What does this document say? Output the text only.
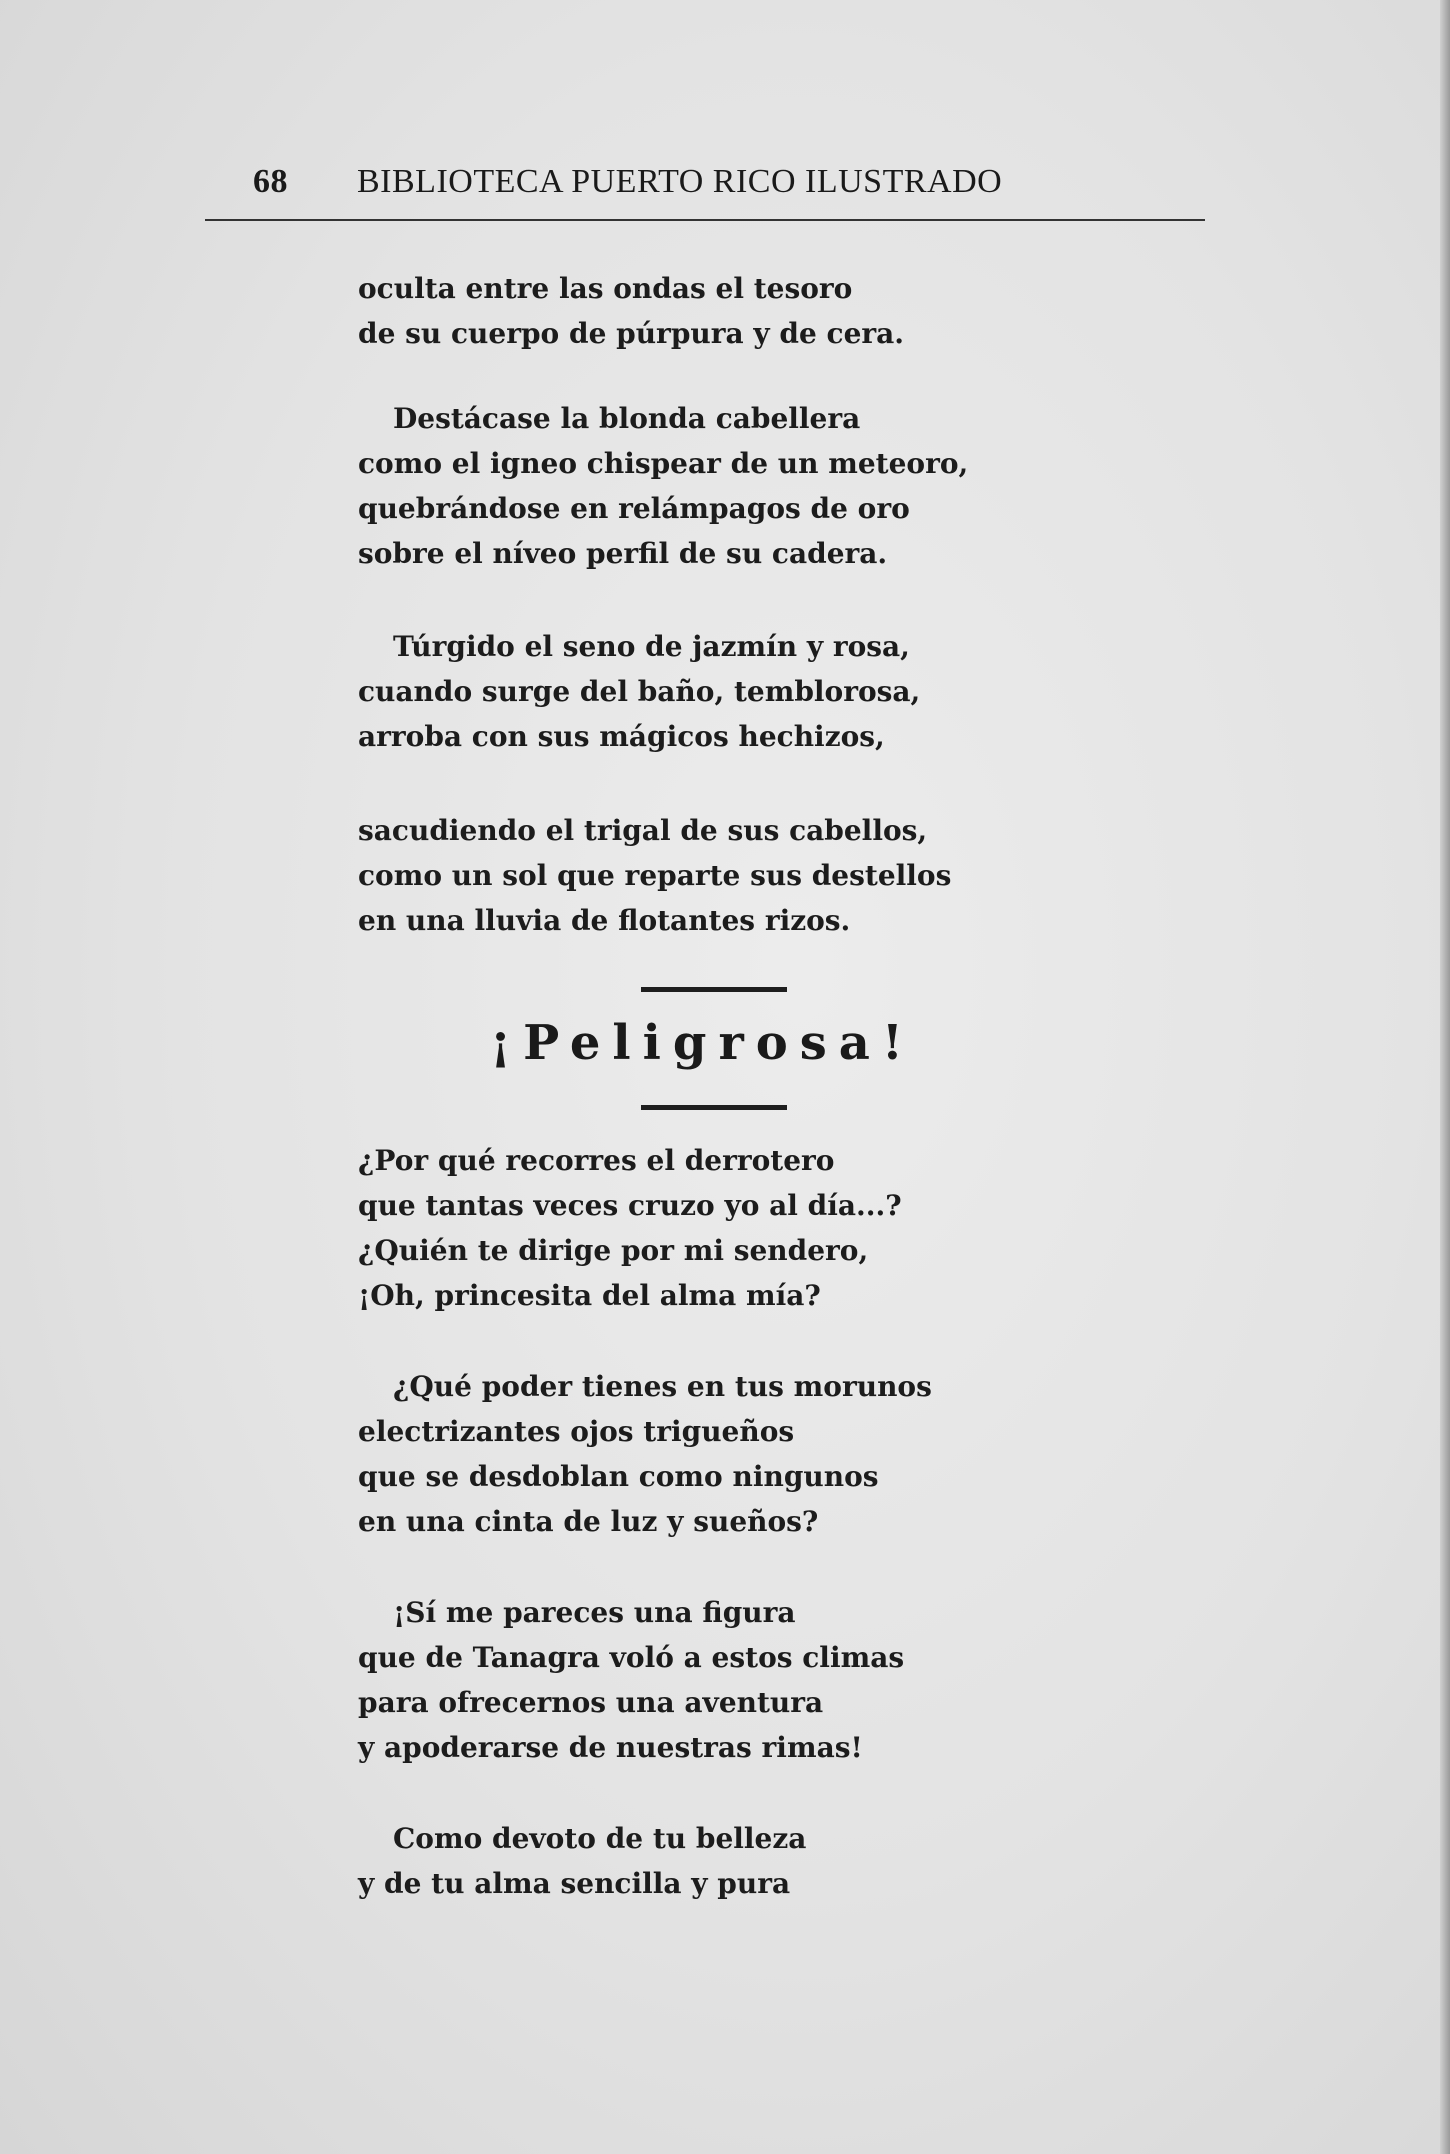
68 BIBLIOTECA PUERTO RICO ILUSTRADO

oculta entre las ondas el tesoro
de su cuerpo de púrpura y de cera.

Destácase la blonda cabellera
como el igneo chispear de un meteoro,
quebrándose en relámpagos de oro
sobre el níveo perfil de su cadera.

Túrgido el seno de jazmín y rosa,
cuando surge del baño, temblorosa,
arroba con sus mágicos hechizos,

sacudiendo el trigal de sus cabellos,
como un sol que reparte sus destellos
en una lluvia de flotantes rizos.

¡Peligrosa!

¿Por qué recorres el derrotero
que tantas veces cruzo yo al día...?
¿Quién te dirige por mi sendero,
¡Oh, princesita del alma mía?

¿Qué poder tienes en tus morunos
electrizantes ojos trigueños
que se desdoblan como ningunos
en una cinta de luz y sueños?

¡Sí me pareces una figura
que de Tanagra voló a estos climas
para ofrecernos una aventura
y apoderarse de nuestras rimas!

Como devoto de tu belleza
y de tu alma sencilla y pura
